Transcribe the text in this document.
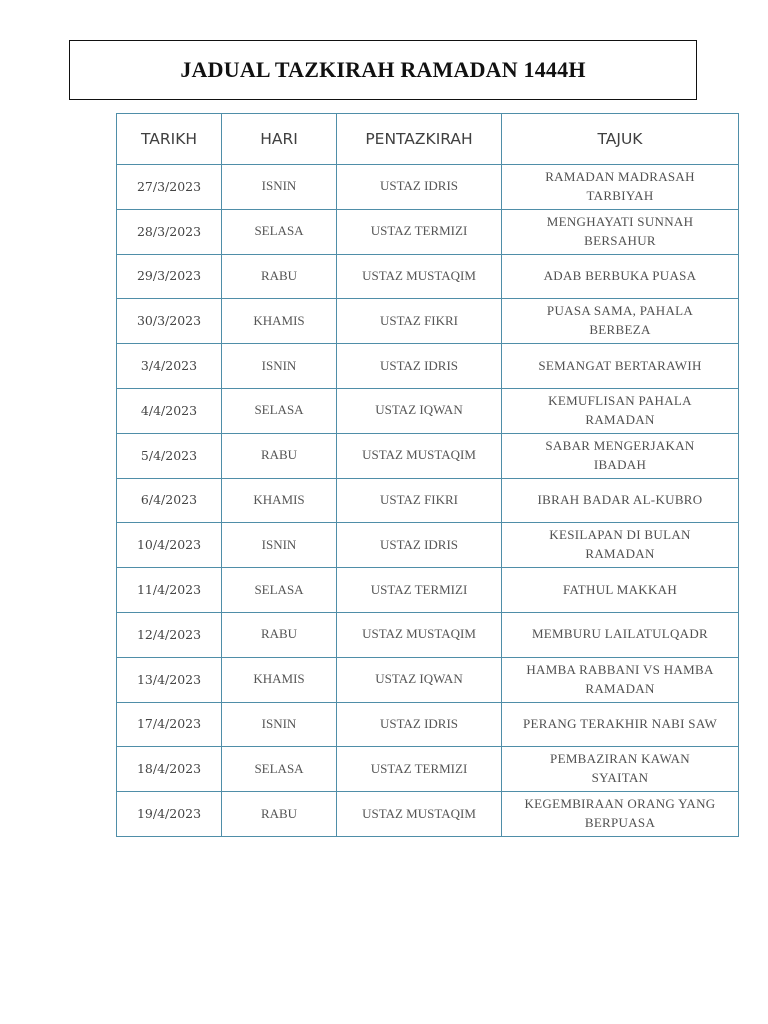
JADUAL TAZKIRAH RAMADAN 1444H
TARIKH	HARI	PENTAZKIRAH	TAJUK
27/3/2023	ISNIN	USTAZ IDRIS	RAMADAN MADRASAH
TARBIYAH
28/3/2023	SELASA	USTAZ TERMIZI	MENGHAYATI SUNNAH
BERSAHUR
29/3/2023	RABU	USTAZ MUSTAQIM	ADAB BERBUKA PUASA
30/3/2023	KHAMIS	USTAZ FIKRI	PUASA SAMA, PAHALA
BERBEZA
3/4/2023	ISNIN	USTAZ IDRIS	SEMANGAT BERTARAWIH
4/4/2023	SELASA	USTAZ IQWAN	KEMUFLISAN PAHALA
RAMADAN
5/4/2023	RABU	USTAZ MUSTAQIM	SABAR MENGERJAKAN
IBADAH
6/4/2023	KHAMIS	USTAZ FIKRI	IBRAH BADAR AL-KUBRO
10/4/2023	ISNIN	USTAZ IDRIS	KESILAPAN DI BULAN
RAMADAN
11/4/2023	SELASA	USTAZ TERMIZI	FATHUL MAKKAH
12/4/2023	RABU	USTAZ MUSTAQIM	MEMBURU LAILATULQADR
13/4/2023	KHAMIS	USTAZ IQWAN	HAMBA RABBANI VS HAMBA
RAMADAN
17/4/2023	ISNIN	USTAZ IDRIS	PERANG TERAKHIR NABI SAW
18/4/2023	SELASA	USTAZ TERMIZI	PEMBAZIRAN KAWAN
SYAITAN
19/4/2023	RABU	USTAZ MUSTAQIM	KEGEMBIRAAN ORANG YANG
BERPUASA
